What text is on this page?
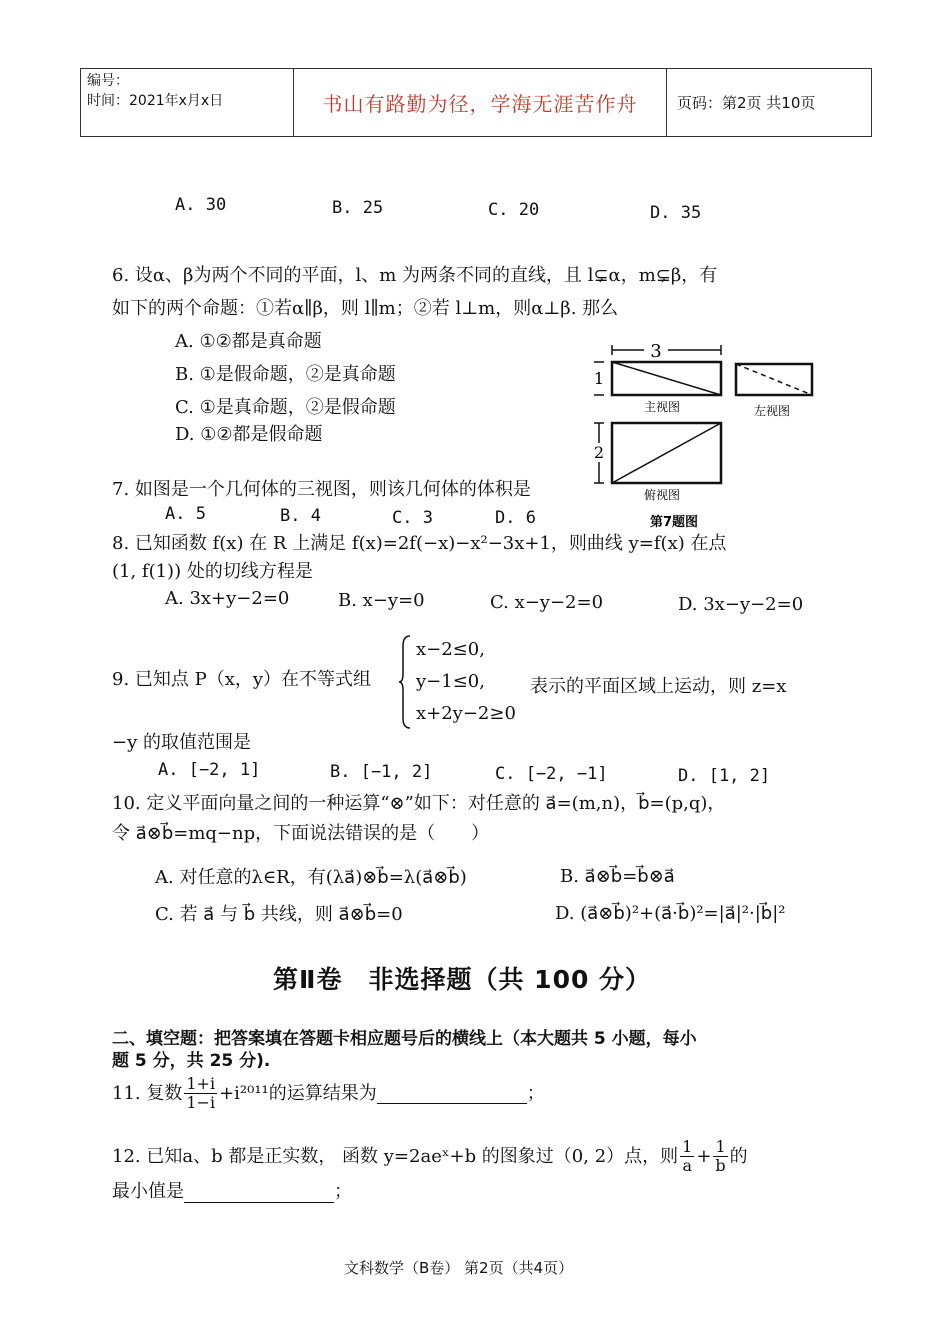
编号：
时间：2021年x月x日	书山有路勤为径，学海无涯苦作舟	页码：第2页 共10页
A. 30	B. 25	C. 20	D. 35
6. 设α、β为两个不同的平面，l、m 为两条不同的直线，且 l⊊α，m⊊β，有
如下的两个命题：①若α∥β，则 l∥m；②若 l⊥m，则α⊥β. 那么
A. ①②都是真命题
B. ①是假命题，②是真命题
C. ①是真命题，②是假命题
D. ①②都是假命题
3
1
主视图	左视图
2
俯视图
第7题图
7. 如图是一个几何体的三视图，则该几何体的体积是
A. 5	B. 4	C. 3	D. 6
8. 已知函数 f(x) 在 R 上满足 f(x)=2f(−x)−x²−3x+1，则曲线 y=f(x) 在点
(1, f(1)) 处的切线方程是
A. 3x+y−2=0	B. x−y=0	C. x−y−2=0	D. 3x−y−2=0
9. 已知点 P（x，y）在不等式组
x−2≤0,
y−1≤0,
x+2y−2≥0
表示的平面区域上运动，则 z=x
−y 的取值范围是
A. [−2, 1]	B. [−1, 2]	C. [−2, −1]	D. [1, 2]
10. 定义平面向量之间的一种运算“⊗”如下：对任意的 a⃗=(m,n)，b⃗=(p,q)，
令 a⃗⊗b⃗=mq−np，下面说法错误的是（　　）
A. 对任意的λ∈R，有(λa⃗)⊗b⃗=λ(a⃗⊗b⃗)	B. a⃗⊗b⃗=b⃗⊗a⃗
C. 若 a⃗ 与 b⃗ 共线，则 a⃗⊗b⃗=0	D. (a⃗⊗b⃗)²+(a⃗·b⃗)²=|a⃗|²·|b⃗|²
第Ⅱ卷　非选择题（共 100 分）
二、填空题：把答案填在答题卡相应题号后的横线上（本大题共 5 小题，每小
题 5 分，共 25 分).
11. 复数 $\frac{1+i}{1-i} +i^{2011}$ 的运算结果为	；
12. 已知a、b 都是正实数， 函数 y=2aeˣ+b 的图象过（0, 2）点，则 $\frac{1}{a} + \frac{1}{b}$ 的
最小值是	；
文科数学（B卷） 第2页（共4页）
